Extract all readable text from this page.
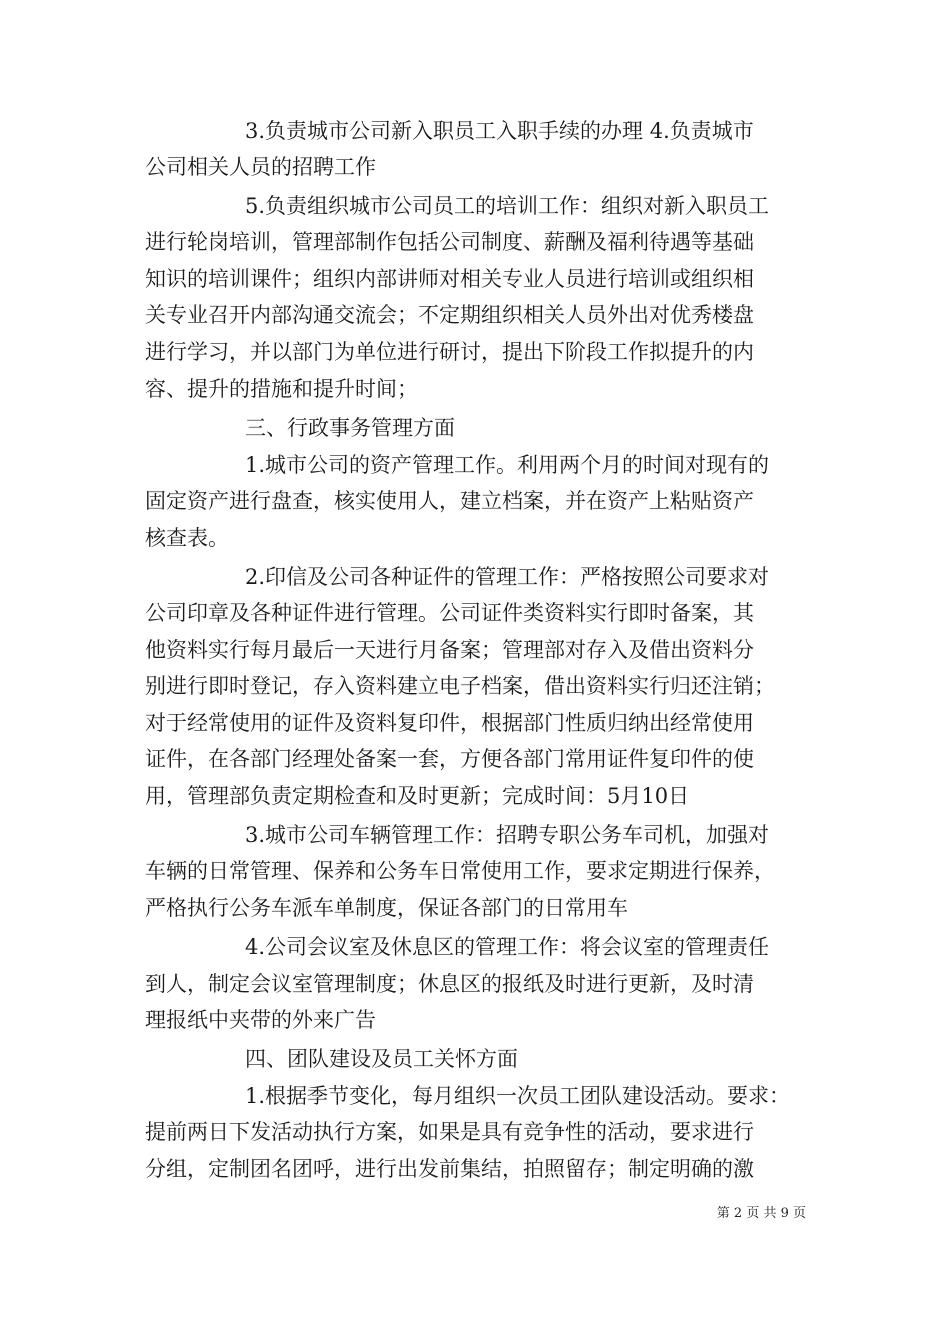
3.负责城市公司新入职员工入职手续的办理 4.负责城市
公司相关人员的招聘工作
5.负责组织城市公司员工的培训工作：组织对新入职员工
进行轮岗培训，管理部制作包括公司制度、薪酬及福利待遇等基础
知识的培训课件；组织内部讲师对相关专业人员进行培训或组织相
关专业召开内部沟通交流会；不定期组织相关人员外出对优秀楼盘
进行学习，并以部门为单位进行研讨，提出下阶段工作拟提升的内
容、提升的措施和提升时间；
三、行政事务管理方面
1.城市公司的资产管理工作。利用两个月的时间对现有的
固定资产进行盘查，核实使用人，建立档案，并在资产上粘贴资产
核查表。
2.印信及公司各种证件的管理工作：严格按照公司要求对
公司印章及各种证件进行管理。公司证件类资料实行即时备案，其
他资料实行每月最后一天进行月备案；管理部对存入及借出资料分
别进行即时登记，存入资料建立电子档案，借出资料实行归还注销；
对于经常使用的证件及资料复印件，根据部门性质归纳出经常使用
证件，在各部门经理处备案一套，方便各部门常用证件复印件的使
用，管理部负责定期检查和及时更新；完成时间：5月10日
3.城市公司车辆管理工作：招聘专职公务车司机，加强对
车辆的日常管理、保养和公务车日常使用工作，要求定期进行保养，
严格执行公务车派车单制度，保证各部门的日常用车
4.公司会议室及休息区的管理工作：将会议室的管理责任
到人，制定会议室管理制度；休息区的报纸及时进行更新，及时清
理报纸中夹带的外来广告
四、团队建设及员工关怀方面
1.根据季节变化，每月组织一次员工团队建设活动。要求：
提前两日下发活动执行方案，如果是具有竞争性的活动，要求进行
分组，定制团名团呼，进行出发前集结，拍照留存；制定明确的激
第 2 页 共 9 页
